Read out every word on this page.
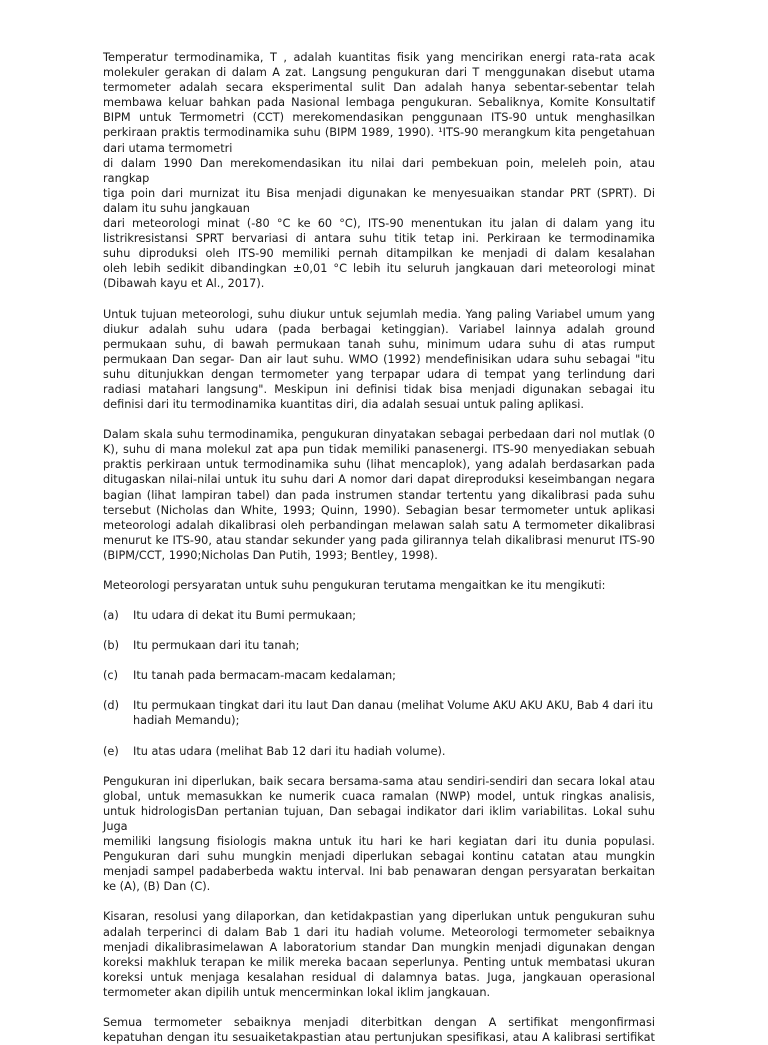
Temperatur termodinamika, T , adalah kuantitas fisik yang mencirikan energi rata-rata acak

molekuler gerakan di dalam A zat. Langsung pengukuran dari T menggunakan disebut utama

termometer adalah secara eksperimental sulit Dan adalah hanya sebentar-sebentar telah

membawa keluar bahkan pada Nasional lembaga pengukuran. Sebaliknya, Komite Konsultatif

BIPM untuk Termometri (CCT) merekomendasikan penggunaan ITS-90 untuk menghasilkan

perkiraan praktis termodinamika suhu (BIPM 1989, 1990). ¹ITS-90 merangkum kita pengetahuan

dari utama termometri

di dalam 1990 Dan merekomendasikan itu nilai dari pembekuan poin, meleleh poin, atau rangkap

tiga poin dari murnizat itu Bisa menjadi digunakan ke menyesuaikan standar PRT (SPRT). Di

dalam itu suhu jangkauan

dari meteorologi minat (-80 °C ke 60 °C), ITS-90 menentukan itu jalan di dalam yang itu

listrikresistansi SPRT bervariasi di antara suhu titik tetap ini. Perkiraan ke termodinamika

suhu diproduksi oleh ITS-90 memiliki pernah ditampilkan ke menjadi di dalam kesalahan

oleh lebih sedikit dibandingkan ±0,01 °C lebih itu seluruh jangkauan dari meteorologi minat

(Dibawah kayu et Al., 2017).

Untuk tujuan meteorologi, suhu diukur untuk sejumlah media. Yang paling Variabel umum yang diukur adalah suhu udara (pada berbagai ketinggian). Variabel lainnya adalah ground permukaan suhu, di bawah permukaan tanah suhu, minimum udara suhu di atas rumput permukaan Dan segar- Dan air laut suhu. WMO (1992) mendefinisikan udara suhu sebagai "itu suhu ditunjukkan dengan termometer yang terpapar udara di tempat yang terlindung dari radiasi matahari langsung". Meskipun ini definisi tidak bisa menjadi digunakan sebagai itu definisi dari itu termodinamika kuantitas diri, dia adalah sesuai untuk paling aplikasi.

Dalam skala suhu termodinamika, pengukuran dinyatakan sebagai perbedaan dari nol mutlak (0 K), suhu di mana molekul zat apa pun tidak memiliki panasenergi. ITS-90 menyediakan sebuah praktis perkiraan untuk termodinamika suhu (lihat mencaplok), yang adalah berdasarkan pada ditugaskan nilai-nilai untuk itu suhu dari A nomor dari dapat direproduksi keseimbangan negara bagian (lihat lampiran tabel) dan pada instrumen standar tertentu yang dikalibrasi pada suhu tersebut (Nicholas dan White, 1993; Quinn, 1990). Sebagian besar termometer untuk aplikasi meteorologi adalah dikalibrasi oleh perbandingan melawan salah satu A termometer dikalibrasi menurut ke ITS-90, atau standar sekunder yang pada gilirannya telah dikalibrasi menurut ITS-90 (BIPM/CCT, 1990;Nicholas Dan Putih, 1993; Bentley, 1998).

Meteorologi persyaratan untuk suhu pengukuran terutama mengaitkan ke itu mengikuti:

(a)	Itu udara di dekat itu Bumi permukaan;
(b)	Itu permukaan dari itu tanah;
(c)	Itu tanah pada bermacam-macam kedalaman;
(d)	Itu permukaan tingkat dari itu laut Dan danau (melihat Volume AKU AKU AKU, Bab 4 dari itu hadiah Memandu);
(e)	Itu atas udara (melihat Bab 12 dari itu hadiah volume).

Pengukuran ini diperlukan, baik secara bersama-sama atau sendiri-sendiri dan secara lokal atau global, untuk memasukkan ke numerik cuaca ramalan (NWP) model, untuk ringkas analisis, untuk hidrologisDan pertanian tujuan, Dan sebagai indikator dari iklim variabilitas. Lokal suhu Juga

memiliki langsung fisiologis makna untuk itu hari ke hari kegiatan dari itu dunia populasi. Pengukuran dari suhu mungkin menjadi diperlukan sebagai kontinu catatan atau mungkin menjadi sampel padaberbeda waktu interval. Ini bab penawaran dengan persyaratan berkaitan ke (A), (B) Dan (C).

Kisaran, resolusi yang dilaporkan, dan ketidakpastian yang diperlukan untuk pengukuran suhu adalah terperinci di dalam Bab 1 dari itu hadiah volume. Meteorologi termometer sebaiknya menjadi dikalibrasimelawan A laboratorium standar Dan mungkin menjadi digunakan dengan koreksi makhluk terapan ke milik mereka bacaan seperlunya. Penting untuk membatasi ukuran koreksi untuk menjaga kesalahan residual di dalamnya batas. Juga, jangkauan operasional termometer akan dipilih untuk mencerminkan lokal iklim jangkauan.

Semua termometer sebaiknya menjadi diterbitkan dengan A sertifikat mengonfirmasi

kepatuhan dengan itu sesuaiketakpastian atau pertunjukan spesifikasi, atau A kalibrasi sertifikat
